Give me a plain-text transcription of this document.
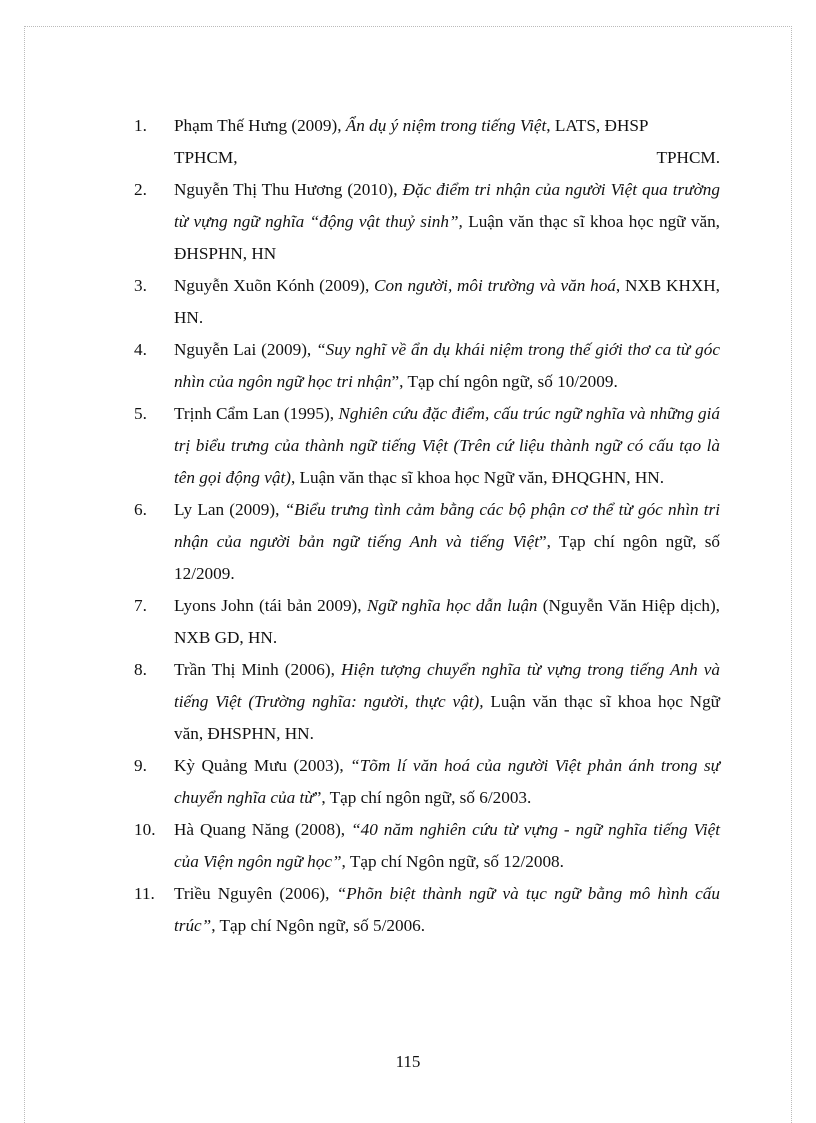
1. Phạm Thế Hưng (2009), Ẩn dụ ý niệm trong tiếng Việt, LATS, ĐHSP
TPHCM,	TPHCM.
2. Nguyễn Thị Thu Hương (2010), Đặc điểm tri nhận của người Việt qua trường từ vựng ngữ nghĩa “động vật thuỷ sinh”, Luận văn thạc sĩ khoa học ngữ văn, ĐHSPHN, HN
3. Nguyễn Xuõn Kónh (2009), Con người, môi trường và văn hoá, NXB KHXH, HN.
4. Nguyễn Lai (2009), “Suy nghĩ về ẩn dụ khái niệm trong thế giới thơ ca từ góc nhìn của ngôn ngữ học tri nhận”, Tạp chí ngôn ngữ, số 10/2009.
5. Trịnh Cẩm Lan (1995), Nghiên cứu đặc điểm, cấu trúc ngữ nghĩa và những giá trị biểu trưng của thành ngữ tiếng Việt (Trên cứ liệu thành ngữ có cấu tạo là tên gọi động vật), Luận văn thạc sĩ khoa học Ngữ văn, ĐHQGHN, HN.
6. Ly Lan (2009), “Biểu trưng tình cảm bằng các bộ phận cơ thể từ góc nhìn tri nhận của người bản ngữ tiếng Anh và tiếng Việt”, Tạp chí ngôn ngữ, số 12/2009.
7. Lyons John (tái bản 2009), Ngữ nghĩa học dẫn luận (Nguyễn Văn Hiệp dịch), NXB GD, HN.
8. Trần Thị Minh (2006), Hiện tượng chuyển nghĩa từ vựng trong tiếng Anh và tiếng Việt (Trường nghĩa: người, thực vật), Luận văn thạc sĩ khoa học Ngữ văn, ĐHSPHN, HN.
9. Kỳ Quảng Mưu (2003), “Tõm lí văn hoá của người Việt phản ánh trong sự chuyển nghĩa của từ”, Tạp chí ngôn ngữ, số 6/2003.
10. Hà Quang Năng (2008), “40 năm nghiên cứu từ vựng - ngữ nghĩa tiếng Việt của Viện ngôn ngữ học”, Tạp chí Ngôn ngữ, số 12/2008.
11. Triều Nguyên (2006), “Phõn biệt thành ngữ và tục ngữ bằng mô hình cấu trúc”, Tạp chí Ngôn ngữ, số 5/2006.
115
